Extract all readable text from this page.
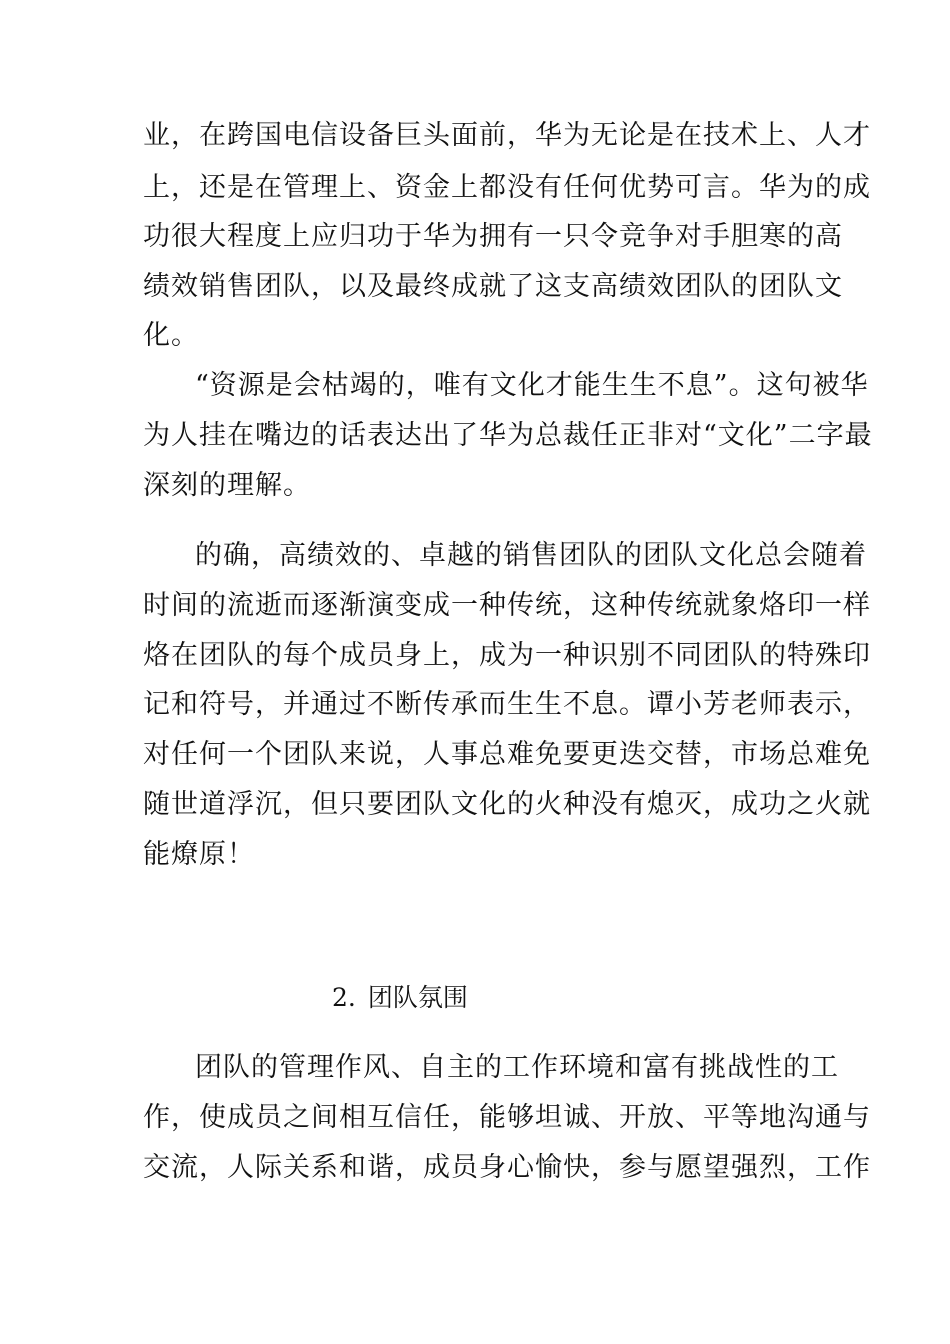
业，在跨国电信设备巨头面前，华为无论是在技术上、人才
上，还是在管理上、资金上都没有任何优势可言。华为的成
功很大程度上应归功于华为拥有一只令竞争对手胆寒的高
绩效销售团队，以及最终成就了这支高绩效团队的团队文
化。
“资源是会枯竭的，唯有文化才能生生不息”。这句被华
为人挂在嘴边的话表达出了华为总裁任正非对“文化”二字最
深刻的理解。
的确，高绩效的、卓越的销售团队的团队文化总会随着
时间的流逝而逐渐演变成一种传统，这种传统就象烙印一样
烙在团队的每个成员身上，成为一种识别不同团队的特殊印
记和符号，并通过不断传承而生生不息。谭小芳老师表示，
对任何一个团队来说，人事总难免要更迭交替，市场总难免
随世道浮沉，但只要团队文化的火种没有熄灭，成功之火就
能燎原！
2. 团队氛围
团队的管理作风、自主的工作环境和富有挑战性的工
作，使成员之间相互信任，能够坦诚、开放、平等地沟通与
交流，人际关系和谐，成员身心愉快，参与愿望强烈，工作
